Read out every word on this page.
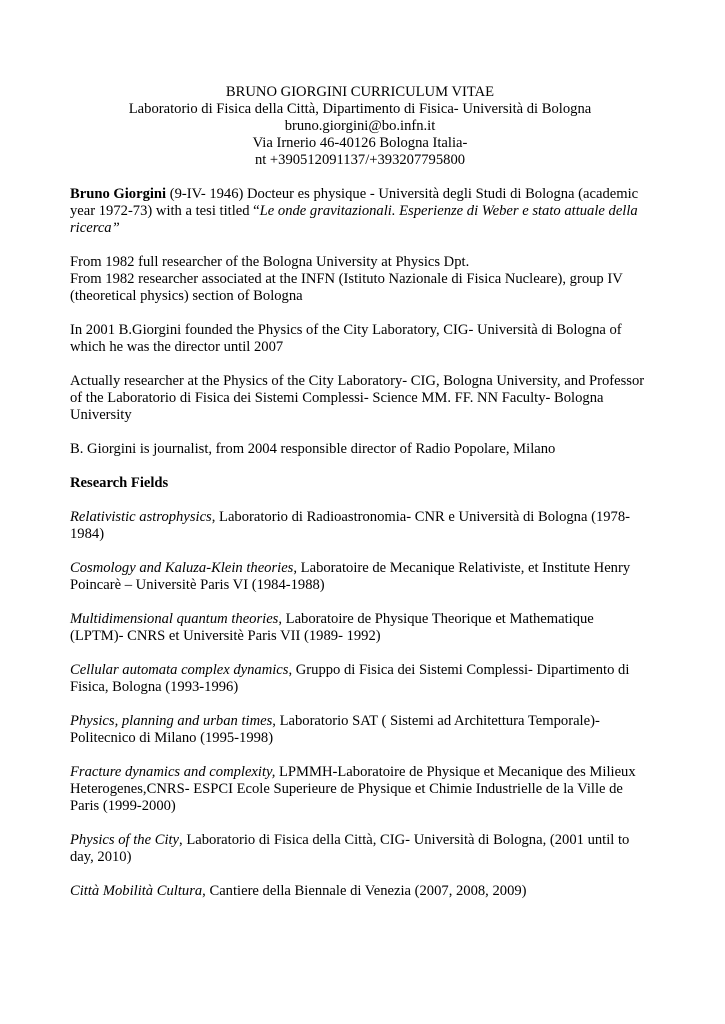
BRUNO GIORGINI CURRICULUM VITAE
Laboratorio di Fisica della Città, Dipartimento di Fisica- Università di Bologna
bruno.giorgini@bo.infn.it
Via Irnerio 46-40126 Bologna Italia-
nt +390512091137/+393207795800

Bruno Giorgini (9-IV- 1946) Docteur es physique - Università degli Studi di Bologna (academic year 1972-73) with a tesi titled “Le onde gravitazionali. Esperienze di Weber e stato attuale della ricerca”

From 1982 full researcher of the Bologna University at Physics Dpt.

From 1982 researcher associated at the INFN (Istituto Nazionale di Fisica Nucleare), group IV (theoretical physics) section of Bologna

In 2001 B.Giorgini founded the Physics of the City Laboratory, CIG- Università di Bologna of which he was the director until 2007

Actually researcher at the Physics of the City Laboratory- CIG, Bologna University, and Professor of the Laboratorio di Fisica dei Sistemi Complessi- Science MM. FF. NN Faculty- Bologna University

B. Giorgini is journalist, from 2004 responsible director of Radio Popolare, Milano

Research Fields

Relativistic astrophysics, Laboratorio di Radioastronomia- CNR e Università di Bologna (1978-1984)

Cosmology and Kaluza-Klein theories, Laboratoire de Mecanique Relativiste, et Institute Henry Poincarè – Universitè Paris VI (1984-1988)

Multidimensional quantum theories, Laboratoire de Physique Theorique et Mathematique (LPTM)- CNRS et Universitè Paris VII (1989- 1992)

Cellular automata complex dynamics, Gruppo di Fisica dei Sistemi Complessi- Dipartimento di Fisica, Bologna (1993-1996)

Physics, planning and urban times, Laboratorio SAT ( Sistemi ad Architettura Temporale)- Politecnico di Milano (1995-1998)

Fracture dynamics and complexity, LPMMH-Laboratoire de Physique et Mecanique des Milieux Heterogenes,CNRS- ESPCI Ecole Superieure de Physique et Chimie Industrielle de la Ville de Paris (1999-2000)

Physics of the City, Laboratorio di Fisica della Città, CIG- Università di Bologna, (2001 until to day, 2010)

Città Mobilità Cultura, Cantiere della Biennale di Venezia (2007, 2008, 2009)
